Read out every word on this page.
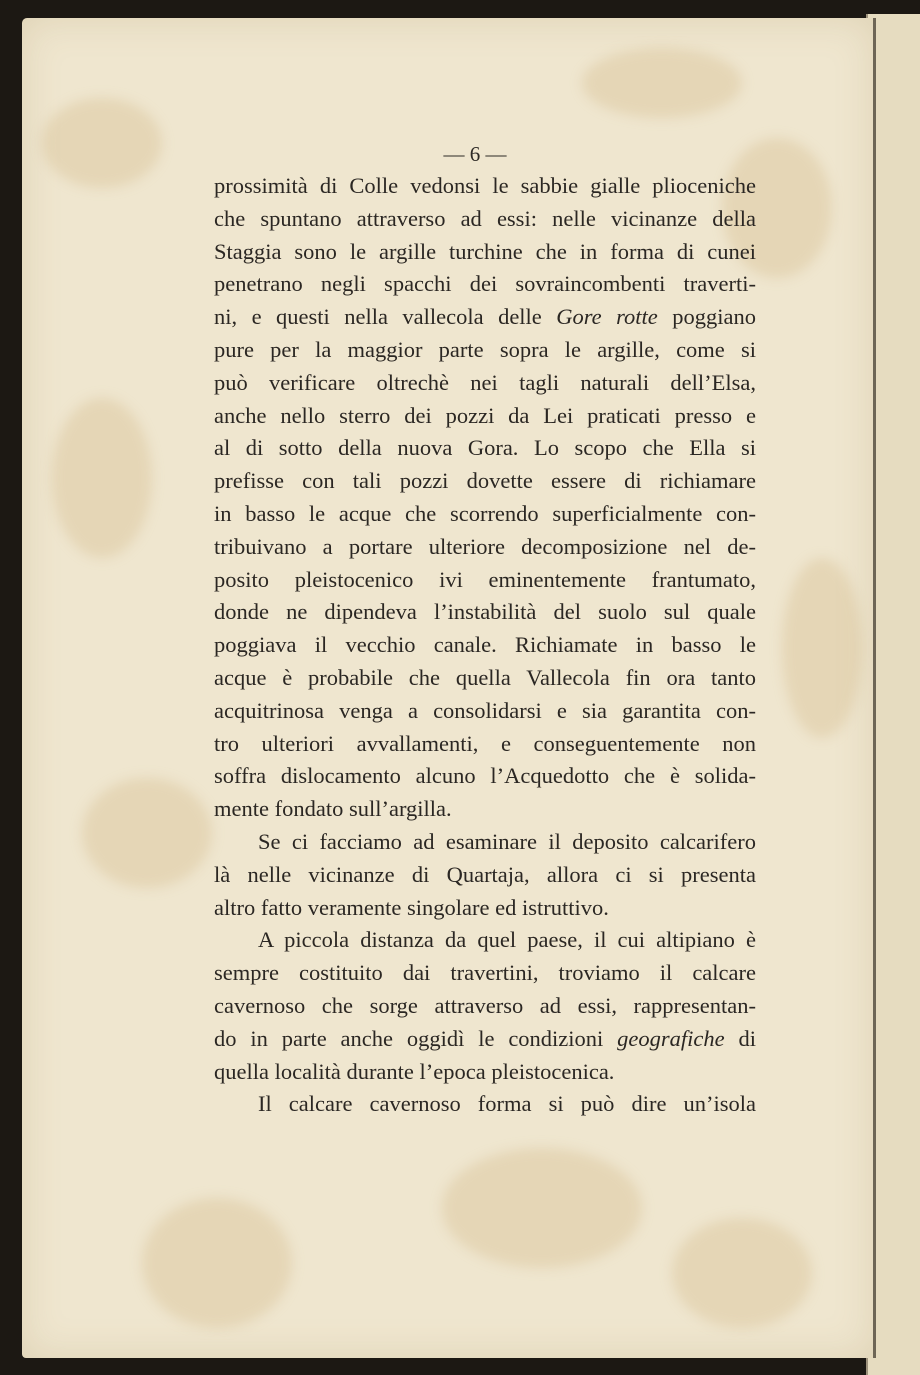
— 6 —

prossimità di Colle vedonsi le sabbie gialle plioceniche
che spuntano attraverso ad essi: nelle vicinanze della
Staggia sono le argille turchine che in forma di cunei
penetrano negli spacchi dei sovraincombenti traverti-
ni, e questi nella vallecola delle Gore rotte poggiano
pure per la maggior parte sopra le argille, come si
può verificare oltrechè nei tagli naturali dell’Elsa,
anche nello sterro dei pozzi da Lei praticati presso e
al di sotto della nuova Gora. Lo scopo che Ella si
prefisse con tali pozzi dovette essere di richiamare
in basso le acque che scorrendo superficialmente con-
tribuivano a portare ulteriore decomposizione nel de-
posito pleistocenico ivi eminentemente frantumato,
donde ne dipendeva l’instabilità del suolo sul quale
poggiava il vecchio canale. Richiamate in basso le
acque è probabile che quella Vallecola fin ora tanto
acquitrinosa venga a consolidarsi e sia garantita con-
tro ulteriori avvallamenti, e conseguentemente non
soffra dislocamento alcuno l’Acquedotto che è solida-
mente fondato sull’argilla.
Se ci facciamo ad esaminare il deposito calcarifero
là nelle vicinanze di Quartaja, allora ci si presenta
altro fatto veramente singolare ed istruttivo.
A piccola distanza da quel paese, il cui altipiano è
sempre costituito dai travertini, troviamo il calcare
cavernoso che sorge attraverso ad essi, rappresentan-
do in parte anche oggidì le condizioni geografiche di
quella località durante l’epoca pleistocenica.
Il calcare cavernoso forma si può dire un’isola
